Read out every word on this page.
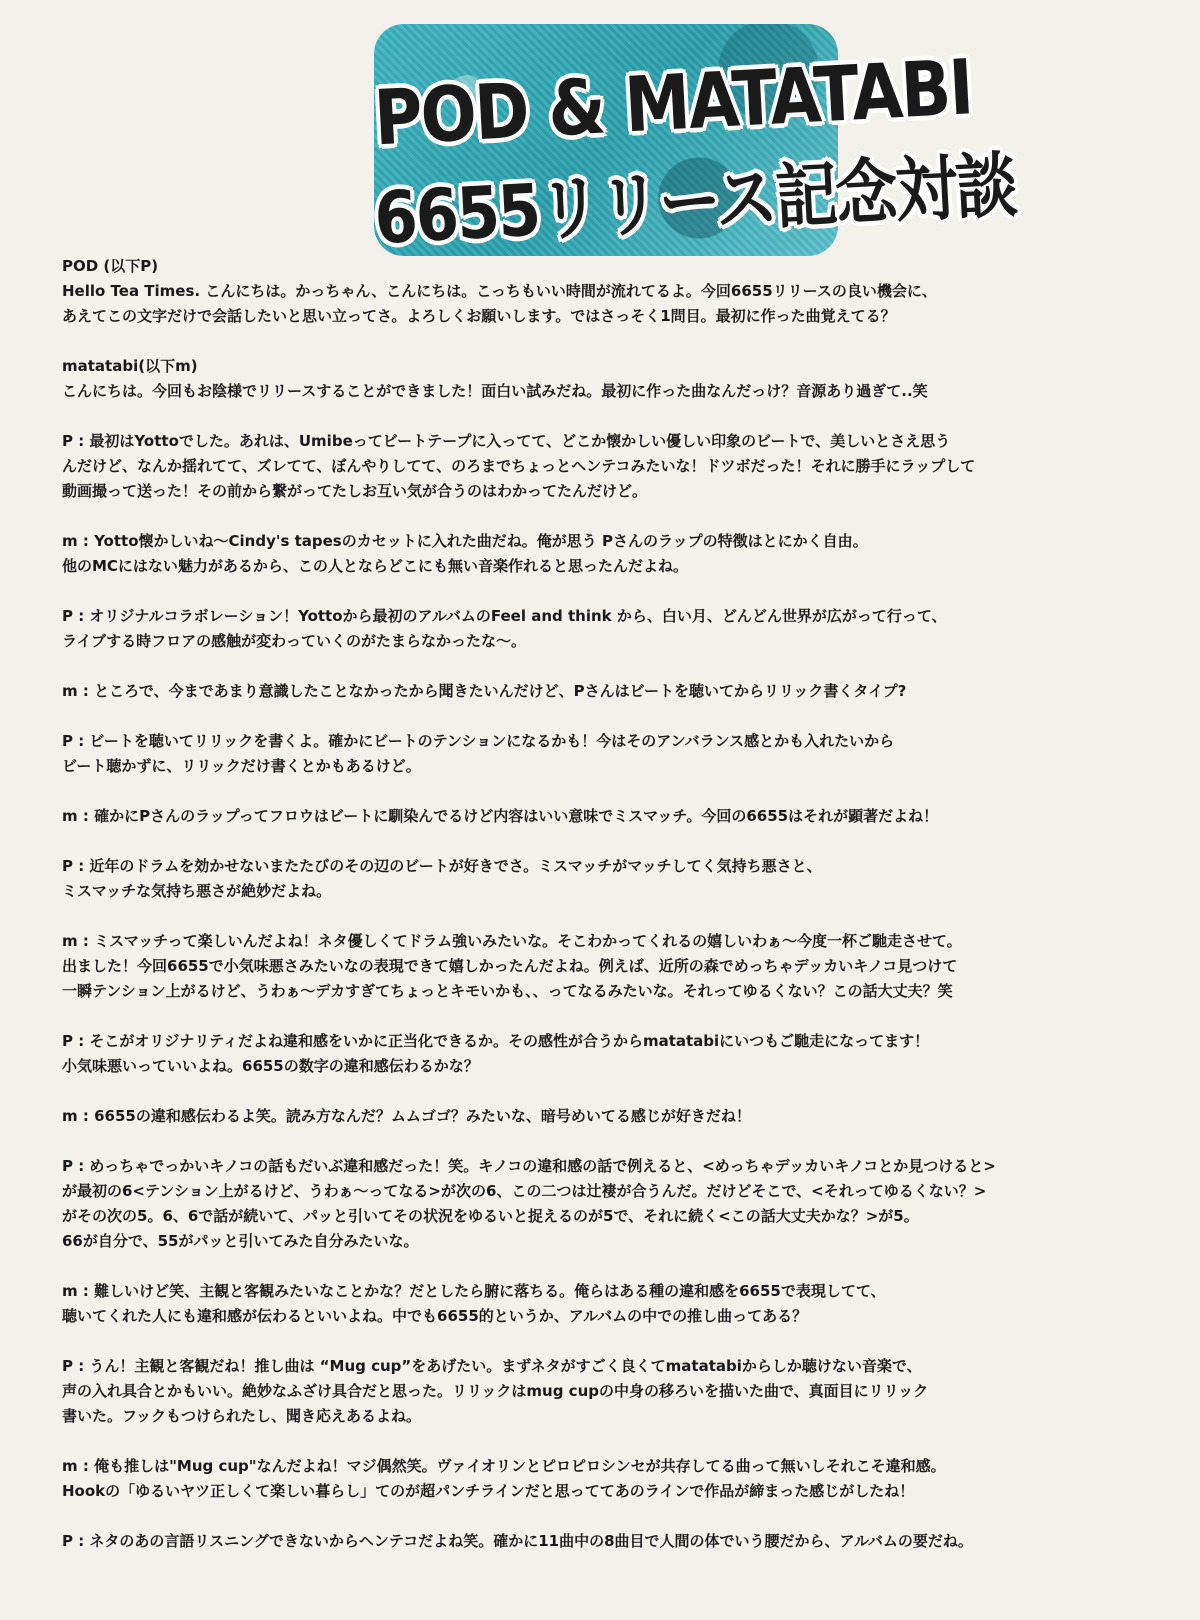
POD & MATATABI
6655リリース記念対談

POD (以下P)
Hello Tea Times. こんにちは。かっちゃん、こんにちは。こっちもいい時間が流れてるよ。今回6655リリースの良い機会に、
あえてこの文字だけで会話したいと思い立ってさ。よろしくお願いします。ではさっそく1問目。最初に作った曲覚えてる？

matatabi(以下m)
こんにちは。今回もお陰様でリリースすることができました！面白い試みだね。最初に作った曲なんだっけ？音源あり過ぎて..笑

P : 最初はYottoでした。あれは、Umibeってビートテープに入ってて、どこか懐かしい優しい印象のビートで、美しいとさえ思う
んだけど、なんか揺れてて、ズレてて、ぼんやりしてて、のろまでちょっとヘンテコみたいな！ドツボだった！それに勝手にラップして
動画撮って送った！その前から繋がってたしお互い気が合うのはわかってたんだけど。

m : Yotto懐かしいね〜Cindy's tapesのカセットに入れた曲だね。俺が思う Pさんのラップの特徴はとにかく自由。
他のMCにはない魅力があるから、この人とならどこにも無い音楽作れると思ったんだよね。

P : オリジナルコラボレーション！Yottoから最初のアルバムのFeel and think から、白い月、どんどん世界が広がって行って、
ライブする時フロアの感触が変わっていくのがたまらなかったな〜。

m : ところで、今まであまり意識したことなかったから聞きたいんだけど、Pさんはビートを聴いてからリリック書くタイプ?

P : ビートを聴いてリリックを書くよ。確かにビートのテンションになるかも！今はそのアンバランス感とかも入れたいから
ビート聴かずに、リリックだけ書くとかもあるけど。

m : 確かにPさんのラップってフロウはビートに馴染んでるけど内容はいい意味でミスマッチ。今回の6655はそれが顕著だよね！

P : 近年のドラムを効かせないまたたびのその辺のビートが好きでさ。ミスマッチがマッチしてく気持ち悪さと、
ミスマッチな気持ち悪さが絶妙だよね。

m : ミスマッチって楽しいんだよね！ネタ優しくてドラム強いみたいな。そこわかってくれるの嬉しいわぁ〜今度一杯ご馳走させて。
出ました！今回6655で小気味悪さみたいなの表現できて嬉しかったんだよね。例えば、近所の森でめっちゃデッカいキノコ見つけて
一瞬テンション上がるけど、うわぁ〜デカすぎてちょっとキモいかも、、ってなるみたいな。それってゆるくない？この話大丈夫？笑

P : そこがオリジナリティだよね違和感をいかに正当化できるか。その感性が合うからmatatabiにいつもご馳走になってます！
小気味悪いっていいよね。6655の数字の違和感伝わるかな？

m : 6655の違和感伝わるよ笑。読み方なんだ？ムムゴゴ？みたいな、暗号めいてる感じが好きだね！

P : めっちゃでっかいキノコの話もだいぶ違和感だった！笑。キノコの違和感の話で例えると、<めっちゃデッカいキノコとか見つけると>
が最初の6<テンション上がるけど、うわぁ〜ってなる>が次の6、この二つは辻褄が合うんだ。だけどそこで、<それってゆるくない？>
がその次の5。6、6で話が続いて、パッと引いてその状況をゆるいと捉えるのが5で、それに続く<この話大丈夫かな？>が5。
66が自分で、55がパッと引いてみた自分みたいな。

m : 難しいけど笑、主観と客観みたいなことかな？だとしたら腑に落ちる。俺らはある種の違和感を6655で表現してて、
聴いてくれた人にも違和感が伝わるといいよね。中でも6655的というか、アルバムの中での推し曲ってある？

P : うん！主観と客観だね！推し曲は “Mug cup”をあげたい。まずネタがすごく良くてmatatabiからしか聴けない音楽で、
声の入れ具合とかもいい。絶妙なふざけ具合だと思った。リリックはmug cupの中身の移ろいを描いた曲で、真面目にリリック
書いた。フックもつけられたし、聞き応えあるよね。

m : 俺も推しは"Mug cup"なんだよね！マジ偶然笑。ヴァイオリンとピロピロシンセが共存してる曲って無いしそれこそ違和感。
Hookの「ゆるいヤツ正しくて楽しい暮らし」てのが超パンチラインだと思っててあのラインで作品が締まった感じがしたね！

P : ネタのあの言語リスニングできないからヘンテコだよね笑。確かに11曲中の8曲目で人間の体でいう腰だから、アルバムの要だね。
